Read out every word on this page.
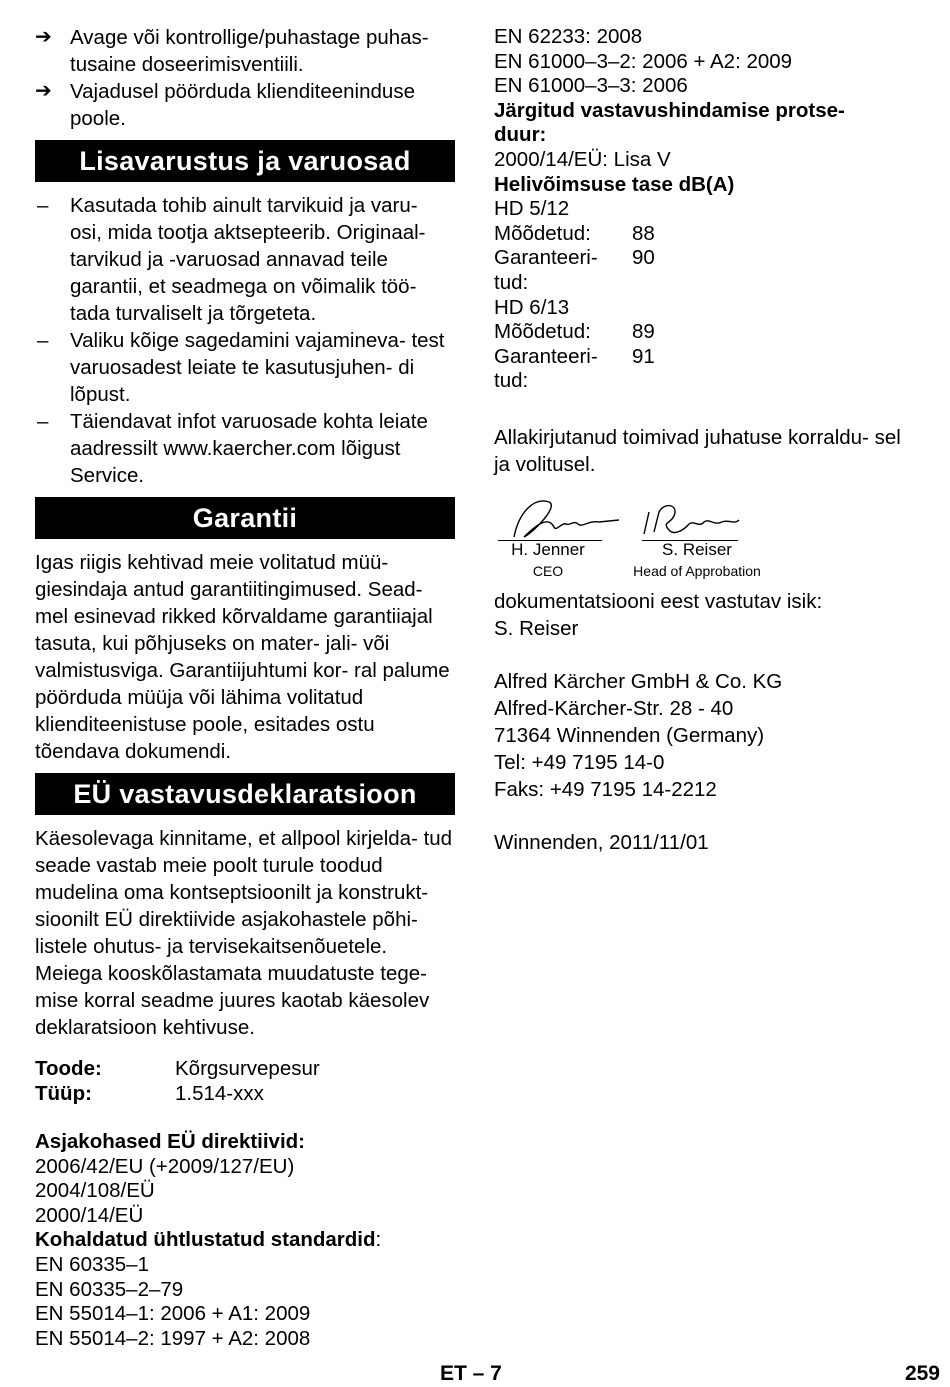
➔ Avage või kontrollige/puhastage puhas- tusaine doseerimisventiili.
➔ Vajadusel pöörduda klienditeeninduse poole.
Lisavarustus ja varuosad
– Kasutada tohib ainult tarvikuid ja varu- osi, mida tootja aktsepteerib. Originaal- tarvikud ja -varuosad annavad teile garantii, et seadmega on võimalik töö- tada turvaliselt ja tõrgeteta.
– Valiku kõige sagedamini vajamineva- test varuosadest leiate te kasutusjuhen- di lõpust.
– Täiendavat infot varuosade kohta leiate aadressilt www.kaercher.com lõigust Service.
Garantii

Igas riigis kehtivad meie volitatud müü- giesindaja antud garantiitingimused. Sead- mel esinevad rikked kõrvaldame garantiiajal tasuta, kui põhjuseks on mater- jali- või valmistusviga. Garantiijuhtumi kor- ral palume pöörduda müüja või lähima volitatud klienditeenistuse poole, esitades ostu tõendava dokumendi.

EÜ vastavusdeklaratsioon

Käesolevaga kinnitame, et allpool kirjelda- tud seade vastab meie poolt turule toodud mudelina oma kontseptsioonilt ja konstrukt- sioonilt EÜ direktiivide asjakohastele põhi- listele ohutus- ja tervisekaitsenõuetele. Meiega kooskõlastamata muudatuste tege- mise korral seadme juures kaotab käesolev deklaratsioon kehtivuse.

Toode:	Kõrgsurvepesur
Tüüp:	1.514-xxx
Asjakohased EÜ direktiivid:
2006/42/EU (+2009/127/EU)
2004/108/EÜ
2000/14/EÜ
Kohaldatud ühtlustatud standardid:
EN 60335–1
EN 60335–2–79
EN 55014–1: 2006 + A1: 2009
EN 55014–2: 1997 + A2: 2008
EN 62233: 2008
EN 61000–3–2: 2006 + A2: 2009
EN 61000–3–3: 2006
Järgitud vastavushindamise protse- duur:
2000/14/EÜ: Lisa V
Helivõimsuse tase dB(A)
HD 5/12
Mõõdetud:	88
Garanteeri- tud:
90
HD 6/13
Mõõdetud:	89
Garanteeri- tud:
91

Allakirjutanud toimivad juhatuse korraldu- sel ja volitusel.

H. Jenner
CEO
S. Reiser
Head of Approbation
dokumentatsiooni eest vastutav isik:
S. Reiser
Alfred Kärcher GmbH & Co. KG
Alfred-Kärcher-Str. 28 - 40
71364 Winnenden (Germany)
Tel: +49 7195 14-0
Faks: +49 7195 14-2212
Winnenden, 2011/11/01
ET – 7	259
